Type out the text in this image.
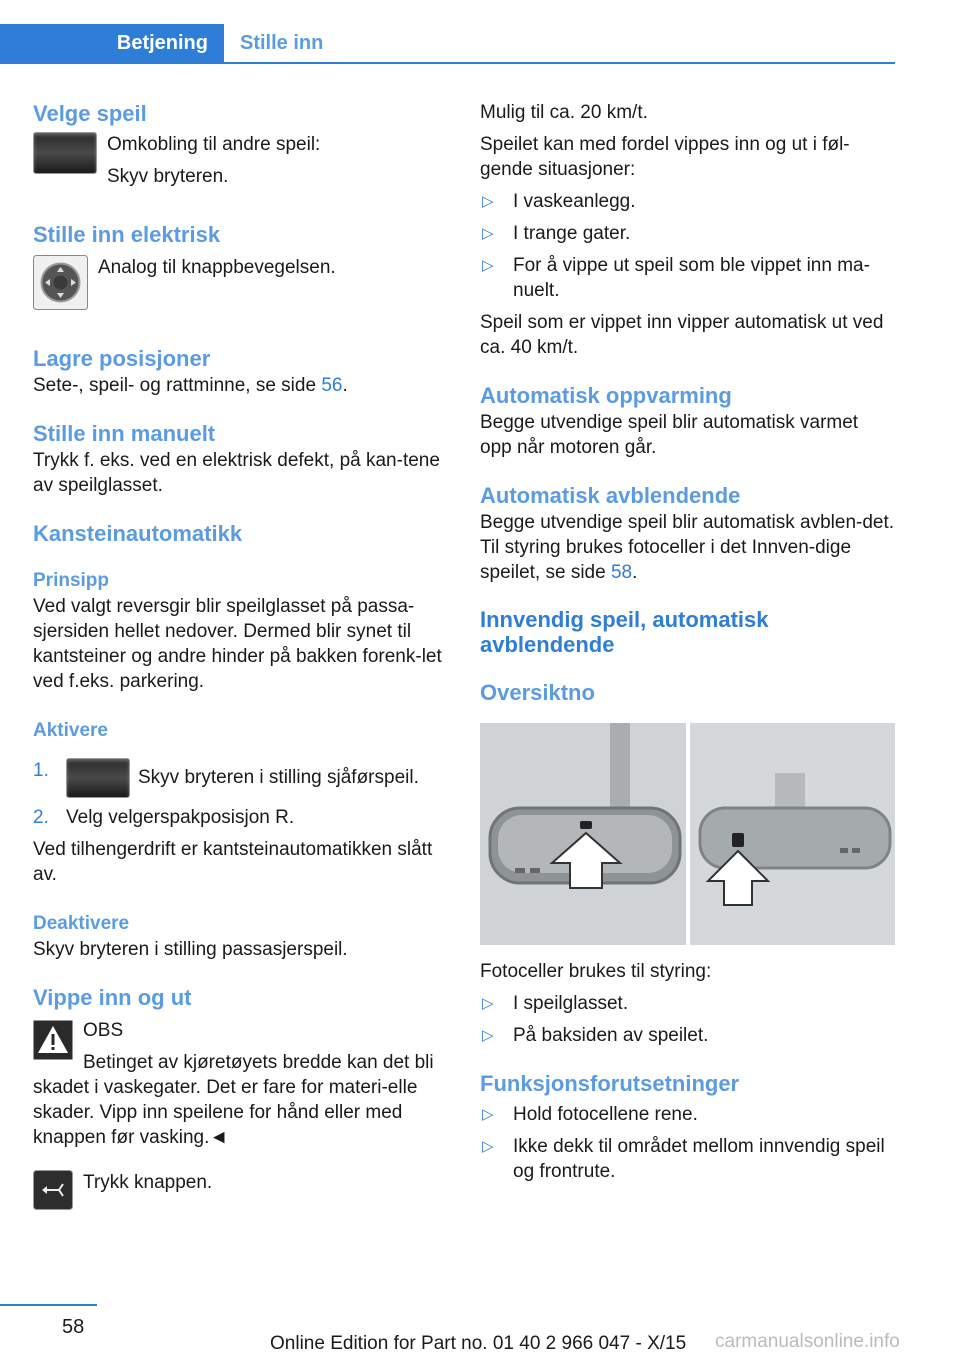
Betjening	Stille inn
Velge speil

Omkobling til andre speil:

Skyv bryteren.

Stille inn elektrisk

Analog til knappbevegelsen.

Lagre posisjoner

Sete-, speil- og rattminne, se side 56.

Stille inn manuelt

Trykk f. eks. ved en elektrisk defekt, på kan-tene av speilglasset.

Kansteinautomatikk
Prinsipp

Ved valgt reversgir blir speilglasset på passa-sjersiden hellet nedover. Dermed blir synet til kantsteiner og andre hinder på bakken forenk-let ved f.eks. parkering.

Aktivere
1.	Skyv bryteren i stilling sjåførspeil.
2. Velg velgerspakposisjon R.

Ved tilhengerdrift er kantsteinautomatikken slått av.

Deaktivere

Skyv bryteren i stilling passasjerspeil.

Vippe inn og ut

OBS

Betinget av kjøretøyets bredde kan det bli skadet i vaskegater. Det er fare for materi-elle skader. Vipp inn speilene for hånd eller med knappen før vasking.◄

Trykk knappen.

Mulig til ca. 20 km/t.

Speilet kan med fordel vippes inn og ut i føl-gende situasjoner:

▷ I vaskeanlegg.
▷ I trange gater.
▷ For å vippe ut speil som ble vippet inn ma-nuelt.

Speil som er vippet inn vipper automatisk ut ved ca. 40 km/t.

Automatisk oppvarming

Begge utvendige speil blir automatisk varmet opp når motoren går.

Automatisk avblendende

Begge utvendige speil blir automatisk avblen-det. Til styring brukes fotoceller i det Innven-dige speilet, se side 58.

Innvendig speil, automatisk avblendende
Oversiktno

Fotoceller brukes til styring:

▷ I speilglasset.
▷ På baksiden av speilet.
Funksjonsforutsetninger
▷ Hold fotocellene rene.
▷ Ikke dekk til området mellom innvendig speil og frontrute.
58
Online Edition for Part no. 01 40 2 966 047 - X/15 carmanualsonline.info
